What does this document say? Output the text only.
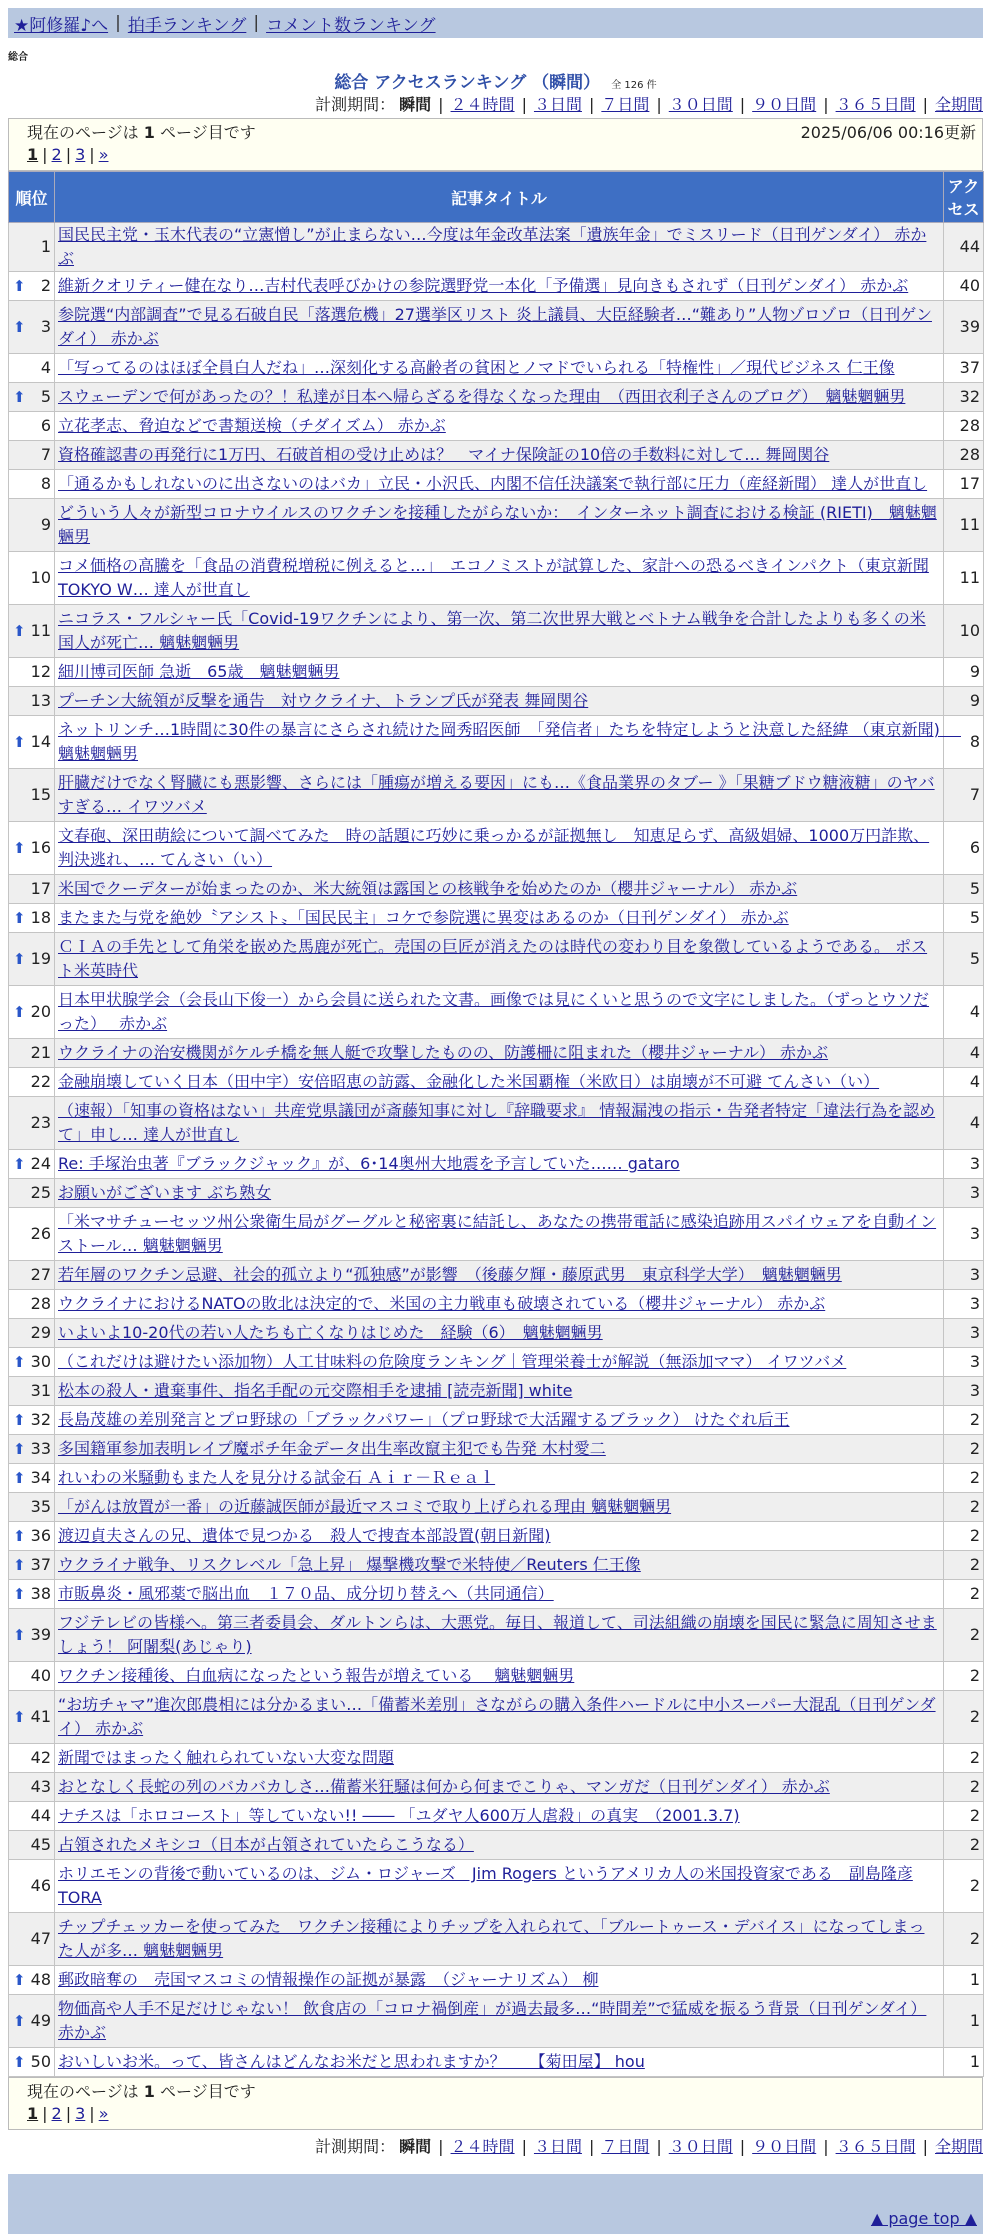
★阿修羅♪へ | 拍手ランキング | コメント数ランキング
総合
総合 アクセスランキング （瞬間） 全 126 件
計測期間： 瞬間 | ２４時間 | ３日間 | ７日間 | ３０日間 | ９０日間 | ３６５日間 | 全期間
現在のページは 1 ページ目です	2025/06/06 00:16更新
1 | 2 | 3 | »
順位	記事タイトル	アクセス
1	国民民主党・玉木代表の“立憲憎し”が止まらない…今度は年金改革法案「遺族年金」でミスリード（日刊ゲンダイ） 赤かぶ	44

⬆ 2	維新クオリティー健在なり…吉村代表呼びかけの参院選野党一本化「予備選」見向きもされず（日刊ゲンダイ） 赤かぶ	40

⬆ 3	参院選“内部調査”で見る石破自民「落選危機」27選挙区リスト 炎上議員、大臣経験者…“難あり”人物ゾロゾロ（日刊ゲンダイ） 赤かぶ	39
4	「写ってるのはほぼ全員白人だね」…深刻化する高齢者の貧困とノマドでいられる「特権性」／現代ビジネス 仁王像	37

⬆ 5	スウェーデンで何があったの？！私達が日本へ帰らざるを得なくなった理由　（西田衣利子さんのブログ）　魑魅魍魎男	32
6	立花孝志、脅迫などで書類送検（チダイズム） 赤かぶ	28
7	資格確認書の再発行に1万円、石破首相の受け止めは？　マイナ保険証の10倍の手数料に対して… 舞岡関谷	28
8	「通るかもしれないのに出さないのはバカ」立民・小沢氏、内閣不信任決議案で執行部に圧力（産経新聞） 達人が世直し	17
9	どういう人々が新型コロナウイルスのワクチンを接種したがらないか：　インターネット調査における検証 (RIETI)　魑魅魍魎男	11
10	コメ価格の高騰を「食品の消費税増税に例えると…」　エコノミストが試算した、家計への恐るべきインパクト（東京新聞TOKYO W… 達人が世直し	11

⬆ 11	ニコラス・フルシャー氏「Covid-19ワクチンにより、第一次、第二次世界大戦とベトナム戦争を合計したよりも多くの米国人が死亡… 魑魅魍魎男	10
12	細川博司医師 急逝　65歳　魑魅魍魎男	9
13	プーチン大統領が反撃を通告　対ウクライナ、トランプ氏が発表 舞岡関谷	9

⬆ 14	ネットリンチ…1時間に30件の暴言にさらされ続けた岡秀昭医師　「発信者」たちを特定しようと決意した経緯 （東京新聞)　 魑魅魍魎男	8
15	肝臓だけでなく腎臓にも悪影響、さらには「腫瘍が増える要因」にも…《食品業界のタブー 》「果糖ブドウ糖液糖」のヤバすぎる… イワツバメ	7

⬆ 16	文春砲、深田萌絵について調べてみた　時の話題に巧妙に乗っかるが証拠無し　知恵足らず、高級娼婦、1000万円詐欺、判決逃れ、… てんさい（い）	6
17	米国でクーデターが始まったのか、米大統領は露国との核戦争を始めたのか（櫻井ジャーナル） 赤かぶ	5

⬆ 18	またまた与党を絶妙〝アシスト〟「国民民主」コケで参院選に異変はあるのか（日刊ゲンダイ） 赤かぶ	5

⬆ 19	ＣＩＡの手先として角栄を嵌めた馬鹿が死亡。売国の巨匠が消えたのは時代の変わり目を象徴しているようである。 ポスト米英時代	5

⬆ 20	日本甲状腺学会（会長山下俊一）から会員に送られた文書。画像では見にくいと思うので文字にしました。（ずっとウソだった）　 赤かぶ	4
21	ウクライナの治安機関がケルチ橋を無人艇で攻撃したものの、防護柵に阻まれた（櫻井ジャーナル） 赤かぶ	4
22	金融崩壊していく日本（田中宇）安倍昭恵の訪露、金融化した米国覇権（米欧日）は崩壊が不可避 てんさい（い）	4
23	（速報）「知事の資格はない」共産党県議団が斎藤知事に対し『辞職要求』 情報漏洩の指示・告発者特定「違法行為を認めて」申し… 達人が世直し	4

⬆ 24	Re: 手塚治虫著『ブラックジャック』が、6･14奥州大地震を予言していた…… gataro	3
25	お願いがございます ぶち熟女	3
26	「米マサチューセッツ州公衆衛生局がグーグルと秘密裏に結託し、あなたの携帯電話に感染追跡用スパイウェアを自動インストール… 魑魅魍魎男	3
27	若年層のワクチン忌避、社会的孤立より“孤独感”が影響　（後藤夕輝・藤原武男　東京科学大学）　魑魅魍魎男	3
28	ウクライナにおけるNATOの敗北は決定的で、米国の主力戦車も破壊されている（櫻井ジャーナル） 赤かぶ	3
29	いよいよ10-20代の若い人たちも亡くなりはじめた　経験（6）　魑魅魍魎男	3

⬆ 30	（これだけは避けたい添加物）人工甘味料の危険度ランキング｜管理栄養士が解説（無添加ママ） イワツバメ	3
31	松本の殺人・遺棄事件、指名手配の元交際相手を逮捕 [読売新聞] white	3

⬆ 32	長島茂雄の差別発言とプロ野球の「ブラックパワー」（プロ野球で大活躍するブラック） けたぐれ后王	2

⬆ 33	多国籍軍参加表明レイプ魔ポチ年金データ出生率改竄主犯でも告発 木村愛二	2

⬆ 34	れいわの米騒動もまた人を見分ける試金石 Ａｉｒ－Ｒｅａｌ	2
35	「がんは放置が一番」の近藤誠医師が最近マスコミで取り上げられる理由 魑魅魍魎男	2

⬆ 36	渡辺貞夫さんの兄、遺体で見つかる　殺人で捜査本部設置(朝日新聞)	2

⬆ 37	ウクライナ戦争、リスクレベル「急上昇」 爆撃機攻撃で米特使／Reuters 仁王像	2

⬆ 38	市販鼻炎・風邪薬で脳出血　１７０品、成分切り替えへ（共同通信）	2

⬆ 39	フジテレビの皆様へ。第三者委員会、ダルトンらは、大悪党。毎日、報道して、司法組織の崩壊を国民に緊急に周知させましょう！ 阿闍梨(あじゃり)	2
40	ワクチン接種後、白血病になったという報告が増えている　 魑魅魍魎男	2

⬆ 41	“お坊チャマ”進次郎農相には分かるまい…「備蓄米差別」さながらの購入条件ハードルに中小スーパー大混乱（日刊ゲンダイ） 赤かぶ	2
42	新聞ではまったく触れられていない大変な問題	2
43	おとなしく長蛇の列のバカバカしさ…備蓄米狂騒は何から何までこりゃ、マンガだ（日刊ゲンダイ） 赤かぶ	2
44	ナチスは「ホロコースト」等していない!! ―― 「ユダヤ人600万人虐殺」の真実　（2001.3.7)	2
45	占領されたメキシコ（日本が占領されていたらこうなる）	2
46	ホリエモンの背後で動いているのは、ジム・ロジャーズ　Jim Rogers というアメリカ人の米国投資家である　副島隆彦 TORA	2
47	チップチェッカーを使ってみた　ワクチン接種によりチップを入れられて、「ブルートゥース・デバイス」になってしまった人が多… 魑魅魍魎男	2

⬆ 48	郵政暗奪の　売国マスコミの情報操作の証拠が暴露　（ジャーナリズム） 柳	1

⬆ 49	物価高や人手不足だけじゃない！ 飲食店の「コロナ禍倒産」が過去最多…“時間差”で猛威を振るう背景（日刊ゲンダイ） 赤かぶ	1

⬆ 50	おいしいお米。って、皆さんはどんなお米だと思われますか？　　【菊田屋】 hou	1
現在のページは 1 ページ目です
1 | 2 | 3 | »
計測期間： 瞬間 | ２４時間 | ３日間 | ７日間 | ３０日間 | ９０日間 | ３６５日間 | 全期間
▲ page top ▲
